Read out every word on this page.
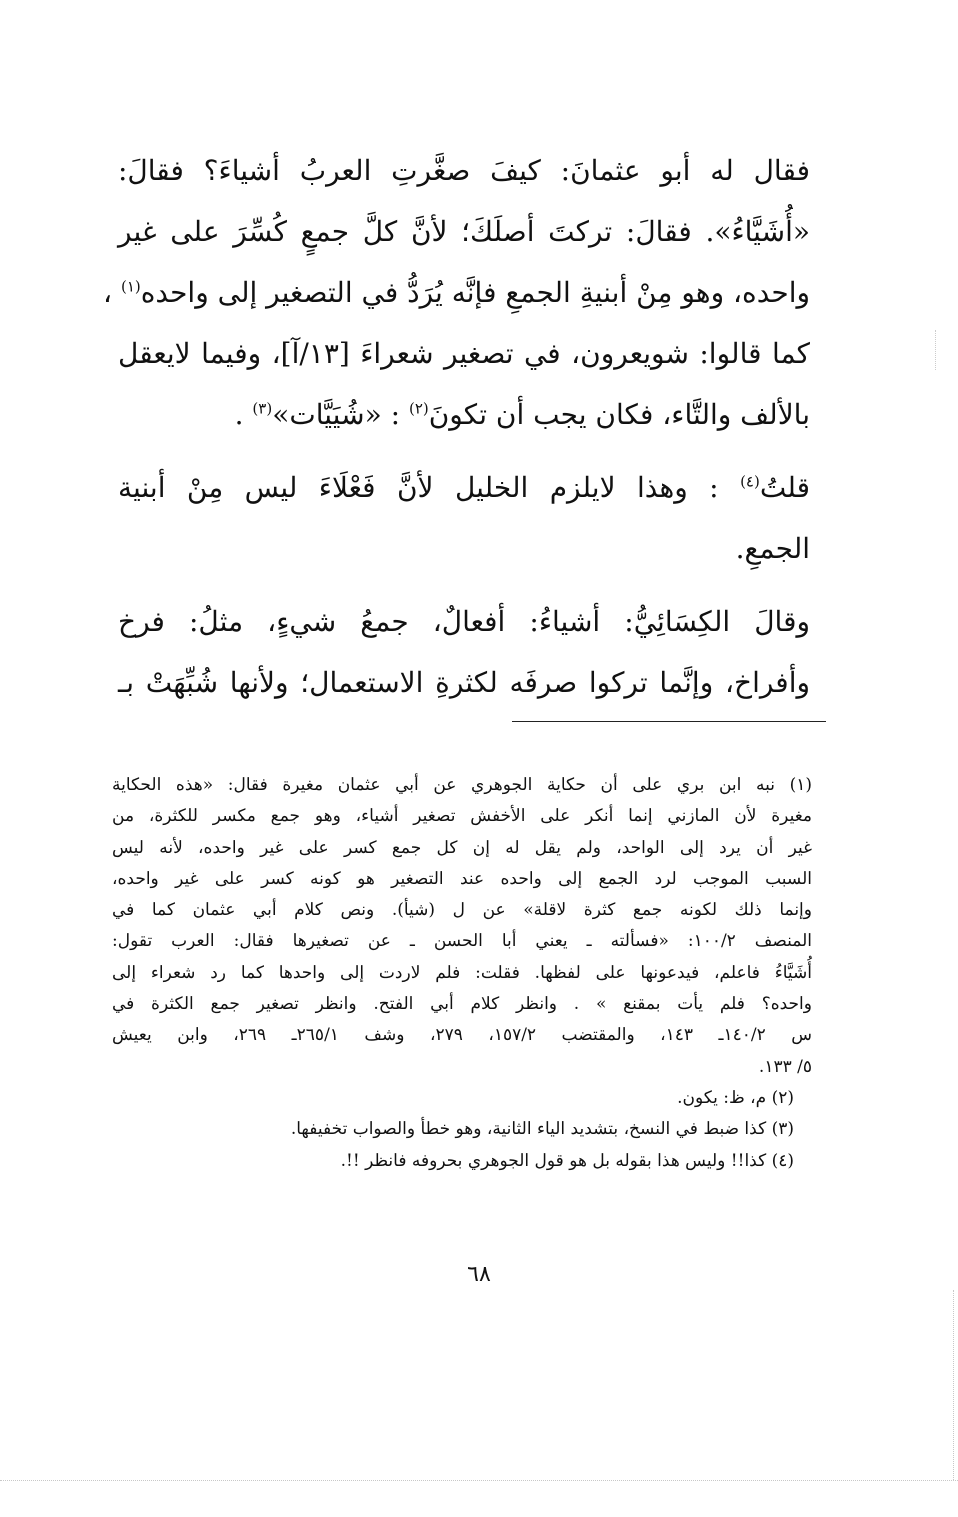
فقال له أبو عثمانَ: كيفَ صغَّرتِ العربُ أشياءَ؟ فقالَ:
«أُشَيَّاءُ». فقالَ: تركتَ أصلَكَ؛ لأنَّ كلَّ جمعٍ كُسِّرَ على غير
واحده، وهو مِنْ أبنيةِ الجمعِ فإنَّه يُرَدُّ في التصغير إلى واحده$^{(١)}$ ،
كما قالوا: شويعرون، في تصغير شعراءَ [١٣/آ]، وفيما لايعقل
بالألف والتَّاء، فكان يجب أن تكونَ$^{(٢)}$ : «شُيَيَّات»$^{(٣)}$ .

قلتُ$^{(٤)}$ : وهذا لايلزم الخليل لأنَّ فَعْلَاءَ ليس مِنْ أبنية
الجمعِ.

وقالَ الكِسَائِيُّ: أشياءُ: أفعالٌ، جمعُ شيءٍ، مثلُ: فرخ
وأفراخ، وإنَّما تركوا صرفَه لكثرةِ الاستعمال؛ ولأنها شُبِّهَتْ بـ

(١) نبه ابن بري على أن حكاية الجوهري عن أبي عثمان مغيرة فقال: «هذه الحكاية
مغيرة لأن المازني إنما أنكر على الأخفش تصغير أشياء، وهو جمع مكسر للكثرة، من
غير أن يرد إلى الواحد، ولم يقل له إن كل جمع كسر على غير واحده، لأنه ليس
السبب الموجب لرد الجمع إلى واحده عند التصغير هو كونه كسر على غير واحده،
وإنما ذلك لكونه جمع كثرة لاقلة» عن ل (شيأ). ونص كلام أبي عثمان كما في
المنصف ١٠٠/٢: «فسألته ـ يعني أبا الحسن ـ عن تصغيرها فقال: العرب تقول:
أُشَيَّاءُ فاعلم، فيدعونها على لفظها. فقلت: فلم لاردت إلى واحدها كما رد شعراء إلى
واحده؟ فلم يأت بمقنع » . وانظر كلام أبي الفتح. وانظر تصغير جمع الكثرة في
س ١٤٠/٢ـ ١٤٣، والمقتضب ١٥٧/٢، ٢٧٩، وشف ٢٦٥/١ـ ٢٦٩، وابن يعيش
٥/ ١٣٣.
(٢) م، ظ: يكون.
(٣) كذا ضبط في النسخ، بتشديد الياء الثانية، وهو خطأ والصواب تخفيفها.
(٤) كذا!! وليس هذا بقوله بل هو قول الجوهري بحروفه فانظر !!.
٦٨
